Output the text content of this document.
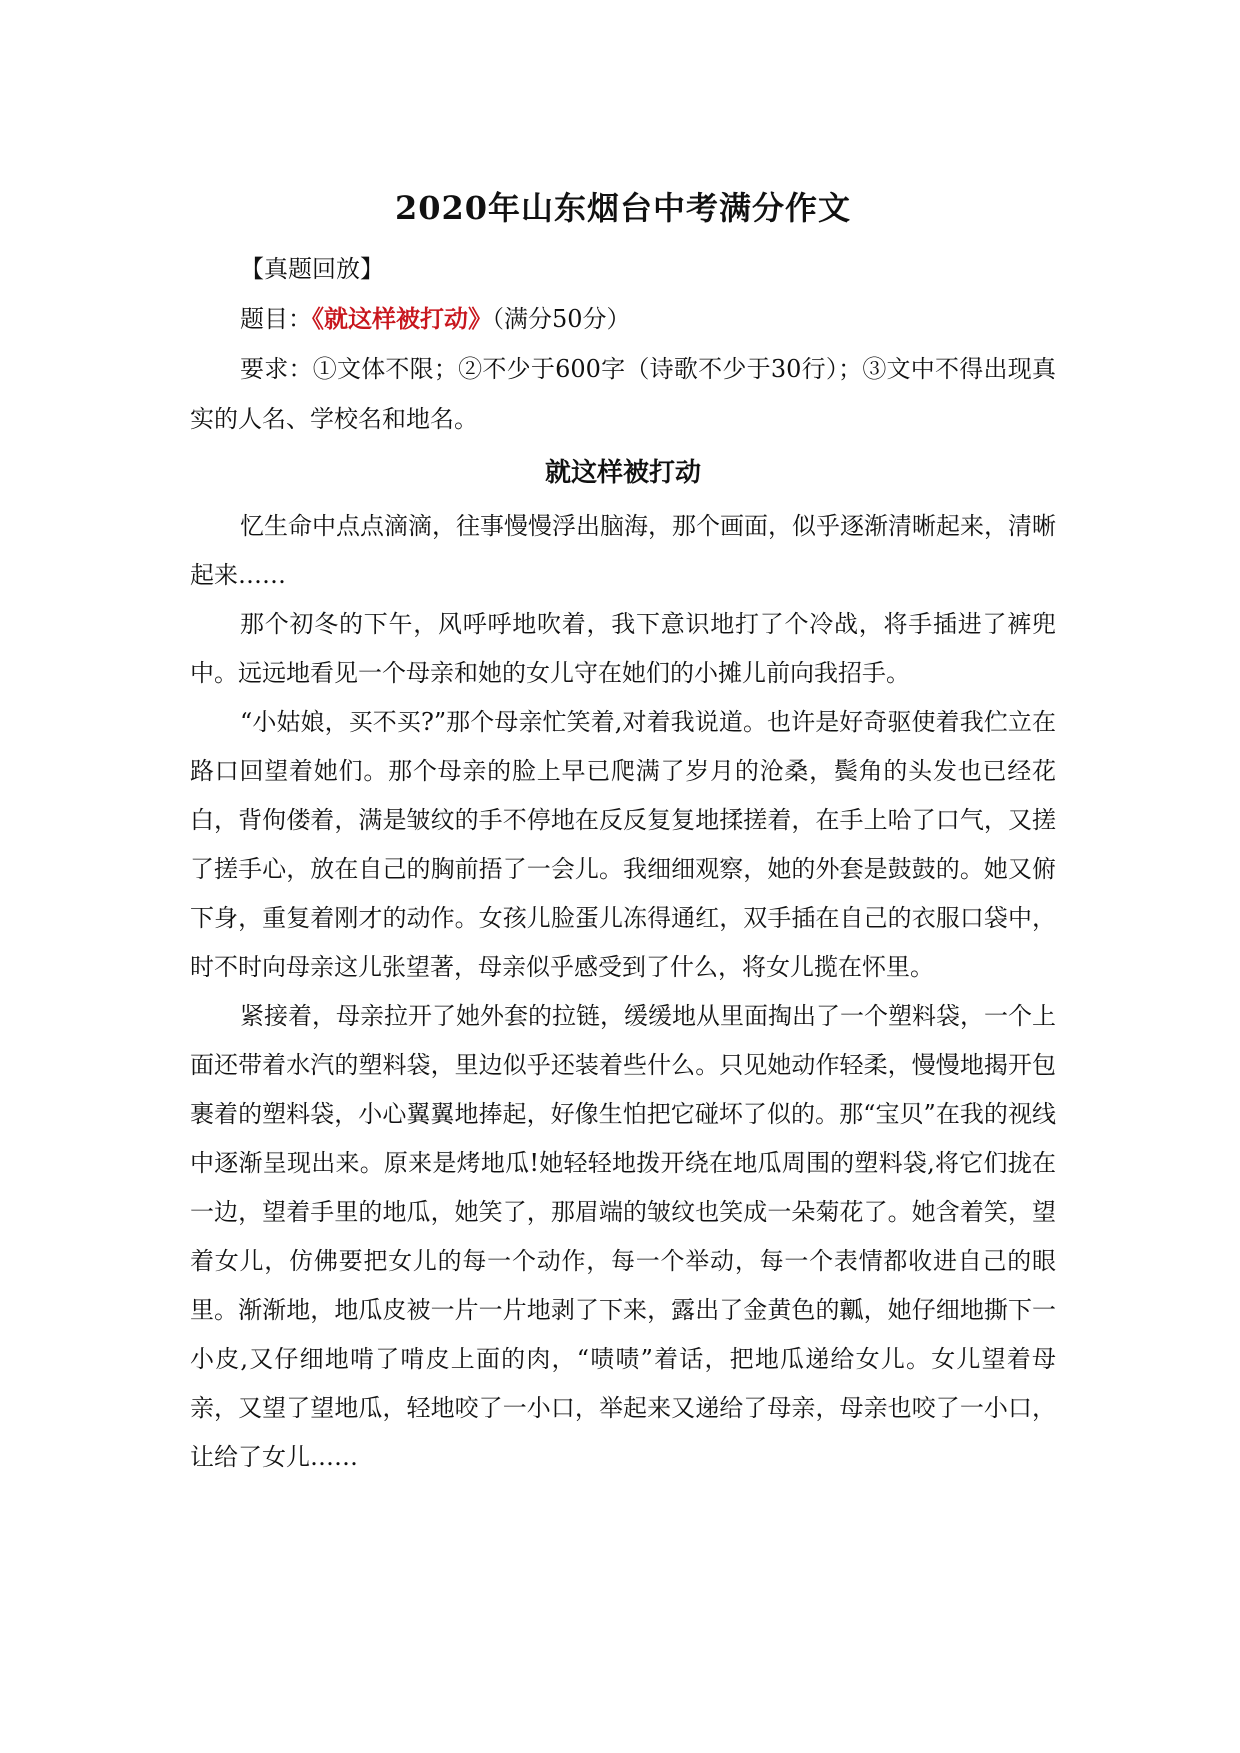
2020年山东烟台中考满分作文

【真题回放】

题目：《就这样被打动》（满分50分）

要求：①文体不限；②不少于600字（诗歌不少于30行）；③文中不得出现真实的人名、学校名和地名。

就这样被打动

忆生命中点点滴滴，往事慢慢浮出脑海，那个画面，似乎逐渐清晰起来，清晰起来……

那个初冬的下午，风呼呼地吹着，我下意识地打了个冷战，将手插进了裤兜中。远远地看见一个母亲和她的女儿守在她们的小摊儿前向我招手。

“小姑娘，买不买?”那个母亲忙笑着,对着我说道。也许是好奇驱使着我伫立在路口回望着她们。那个母亲的脸上早已爬满了岁月的沧桑，鬓角的头发也已经花白，背佝偻着，满是皱纹的手不停地在反反复复地揉搓着，在手上哈了口气，又搓了搓手心，放在自己的胸前捂了一会儿。我细细观察，她的外套是鼓鼓的。她又俯下身，重复着刚才的动作。女孩儿脸蛋儿冻得通红，双手插在自己的衣服口袋中，时不时向母亲这儿张望著，母亲似乎感受到了什么，将女儿揽在怀里。

紧接着，母亲拉开了她外套的拉链，缓缓地从里面掏出了一个塑料袋，一个上面还带着水汽的塑料袋，里边似乎还装着些什么。只见她动作轻柔，慢慢地揭开包裹着的塑料袋，小心翼翼地捧起，好像生怕把它碰坏了似的。那“宝贝”在我的视线中逐渐呈现出来。原来是烤地瓜!她轻轻地拨开绕在地瓜周围的塑料袋,将它们拢在一边，望着手里的地瓜，她笑了，那眉端的皱纹也笑成一朵菊花了。她含着笑，望着女儿，仿佛要把女儿的每一个动作，每一个举动，每一个表情都收进自己的眼里。渐渐地，地瓜皮被一片一片地剥了下来，露出了金黄色的瓤，她仔细地撕下一小皮,又仔细地啃了啃皮上面的肉，“啧啧”着话，把地瓜递给女儿。女儿望着母亲，又望了望地瓜，轻地咬了一小口，举起来又递给了母亲，母亲也咬了一小口，让给了女儿……
